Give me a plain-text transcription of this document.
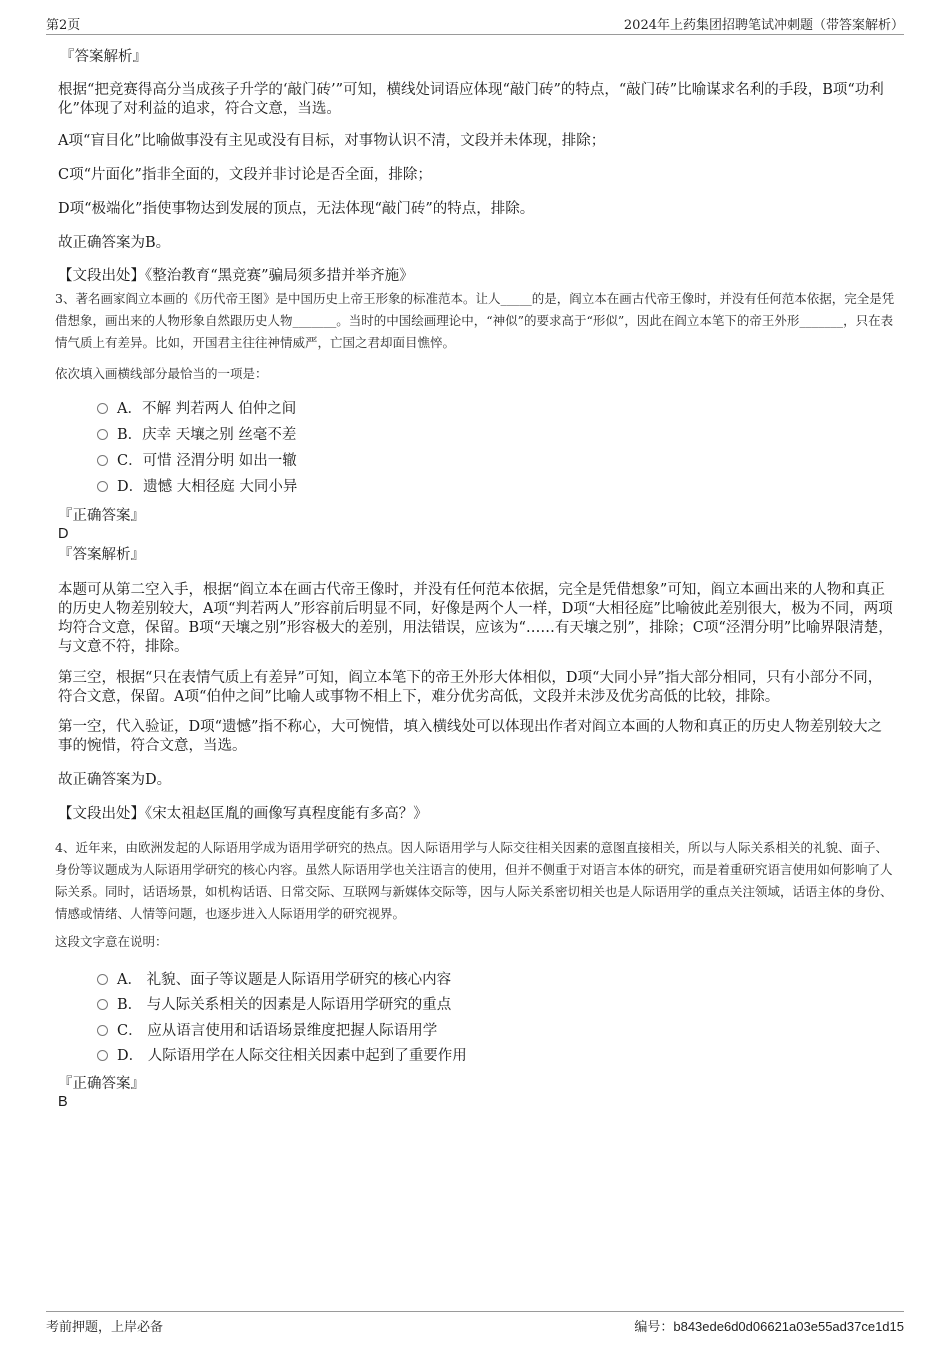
第2页	2024年上药集团招聘笔试冲刺题（带答案解析）
『答案解析』

根据“把竞赛得高分当成孩子升学的‘敲门砖’”可知，横线处词语应体现“敲门砖”的特点，“敲门砖”比喻谋求名利的手段，B项“功利化”体现了对利益的追求，符合文意，当选。

A项“盲目化”比喻做事没有主见或没有目标，对事物认识不清，文段并未体现，排除；

C项“片面化”指非全面的，文段并非讨论是否全面，排除；

D项“极端化”指使事物达到发展的顶点，无法体现“敲门砖”的特点，排除。

故正确答案为B。

【文段出处】《整治教育“黑竞赛”骗局须多措并举齐施》

3、著名画家阎立本画的《历代帝王图》是中国历史上帝王形象的标准范本。让人_____的是，阎立本在画古代帝王像时，并没有任何范本依据，完全是凭借想象，画出来的人物形象自然跟历史人物_______。当时的中国绘画理论中，“神似”的要求高于“形似”，因此在阎立本笔下的帝王外形_______，只在表情气质上有差异。比如，开国君主往往神情威严，亡国之君却面目憔悴。

依次填入画横线部分最恰当的一项是：

A．不解 判若两人 伯仲之间
B．庆幸 天壤之别 丝毫不差
C．可惜 泾渭分明 如出一辙
D．遗憾 大相径庭 大同小异
『正确答案』
D
『答案解析』

本题可从第二空入手，根据“阎立本在画古代帝王像时，并没有任何范本依据，完全是凭借想象”可知，阎立本画出来的人物和真正的历史人物差别较大，A项“判若两人”形容前后明显不同，好像是两个人一样，D项“大相径庭”比喻彼此差别很大，极为不同，两项均符合文意，保留。B项“天壤之别”形容极大的差别，用法错误，应该为“……有天壤之别”，排除；C项“泾渭分明”比喻界限清楚，与文意不符，排除。

第三空，根据“只在表情气质上有差异”可知，阎立本笔下的帝王外形大体相似，D项“大同小异”指大部分相同，只有小部分不同，符合文意，保留。A项“伯仲之间”比喻人或事物不相上下，难分优劣高低，文段并未涉及优劣高低的比较，排除。

第一空，代入验证，D项“遗憾”指不称心，大可惋惜，填入横线处可以体现出作者对阎立本画的人物和真正的历史人物差别较大之事的惋惜，符合文意，当选。

故正确答案为D。

【文段出处】《宋太祖赵匡胤的画像写真程度能有多高？》

4、近年来，由欧洲发起的人际语用学成为语用学研究的热点。因人际语用学与人际交往相关因素的意图直接相关，所以与人际关系相关的礼貌、面子、身份等议题成为人际语用学研究的核心内容。虽然人际语用学也关注语言的使用，但并不侧重于对语言本体的研究，而是着重研究语言使用如何影响了人际关系。同时，话语场景，如机构话语、日常交际、互联网与新媒体交际等，因与人际关系密切相关也是人际语用学的重点关注领域，话语主体的身份、情感或情绪、人情等问题，也逐步进入人际语用学的研究视界。

这段文字意在说明：

A． 礼貌、面子等议题是人际语用学研究的核心内容
B． 与人际关系相关的因素是人际语用学研究的重点
C． 应从语言使用和话语场景维度把握人际语用学
D． 人际语用学在人际交往相关因素中起到了重要作用
『正确答案』
B
考前押题，上岸必备	编号：b843ede6d0d06621a03e55ad37ce1d15
